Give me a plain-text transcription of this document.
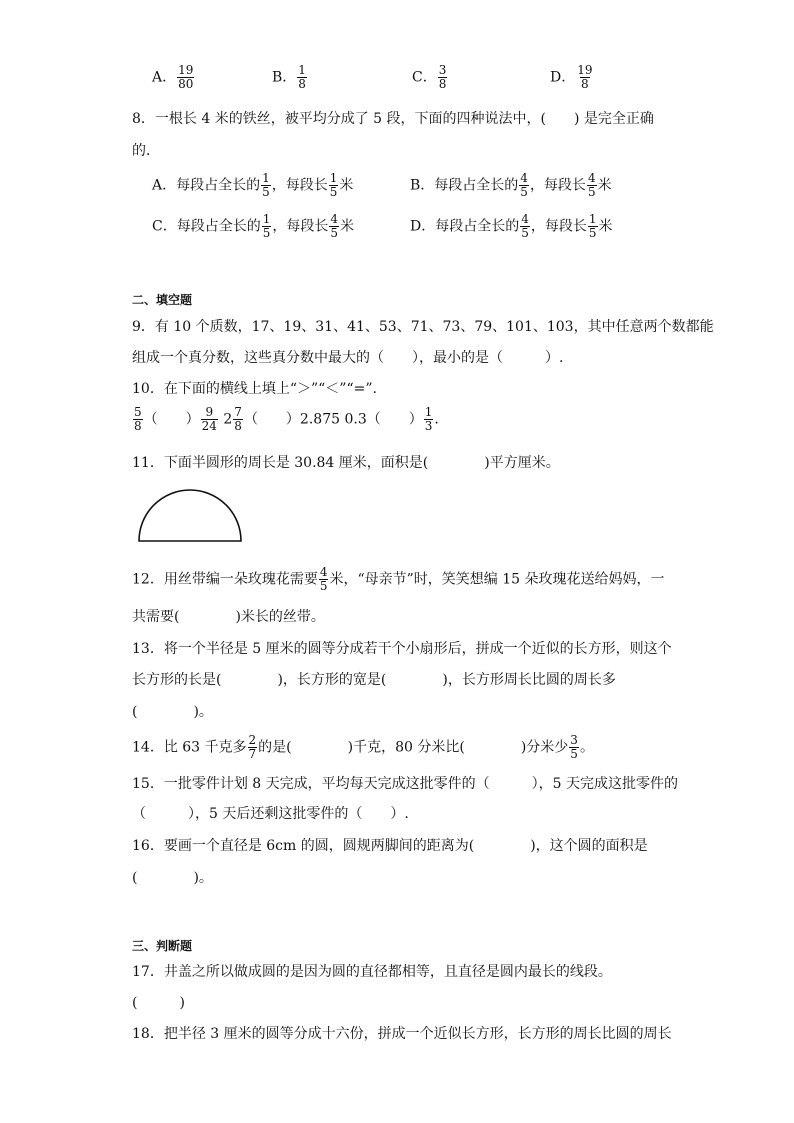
A． $\frac{19}{80}$	B． $\frac{1}{8}$	C． $\frac{3}{8}$	D． $\frac{19}{8}$
8．一根长 4 米的铁丝，被平均分成了 5 段，下面的四种说法中，(　　) 是完全正确
的．
A．每段占全长的 $\frac{1}{5}$ ，每段长 $\frac{1}{5}$ 米	B．每段占全长的 $\frac{4}{5}$ ，每段长 $\frac{4}{5}$ 米
C．每段占全长的 $\frac{1}{5}$ ，每段长 $\frac{4}{5}$ 米	D．每段占全长的 $\frac{4}{5}$ ，每段长 $\frac{1}{5}$ 米
二、填空题
9．有 10 个质数，17、19、31、41、53、71、73、79、101、103，其中任意两个数都能
组成一个真分数，这些真分数中最大的（　　），最小的是（　　　）.
10．在下面的横线上填上“＞”“＜”“=”.
$\frac{5}{8}$ （　　） $\frac{9}{24} 2 \frac{7}{8}$ （　　）2.875 0.3（　　） $\frac{1}{3}$ .
11．下面半圆形的周长是 30.84 厘米，面积是(　　　　)平方厘米。
12．用丝带编一朵玫瑰花需要 $\frac{4}{5}$ 米，“母亲节”时，笑笑想编 15 朵玫瑰花送给妈妈，一
共需要(　　　　)米长的丝带。
13．将一个半径是 5 厘米的圆等分成若干个小扇形后，拼成一个近似的长方形，则这个
长方形的长是(　　　　)，长方形的宽是(　　　　)，长方形周长比圆的周长多
(　　　　)。
14．比 63 千克多 $\frac{2}{7}$ 的是(　　　　)千克，80 分米比(　　　　)分米少 $\frac{3}{5}$ 。
15．一批零件计划 8 天完成，平均每天完成这批零件的（　　　），5 天完成这批零件的
（　　　），5 天后还剩这批零件的（　　）.
16．要画一个直径是 6cm 的圆，圆规两脚间的距离为(　　　　)，这个圆的面积是
(　　　　)。
三、判断题
17．井盖之所以做成圆的是因为圆的直径都相等，且直径是圆内最长的线段。
(　　　)
18．把半径 3 厘米的圆等分成十六份，拼成一个近似长方形，长方形的周长比圆的周长
